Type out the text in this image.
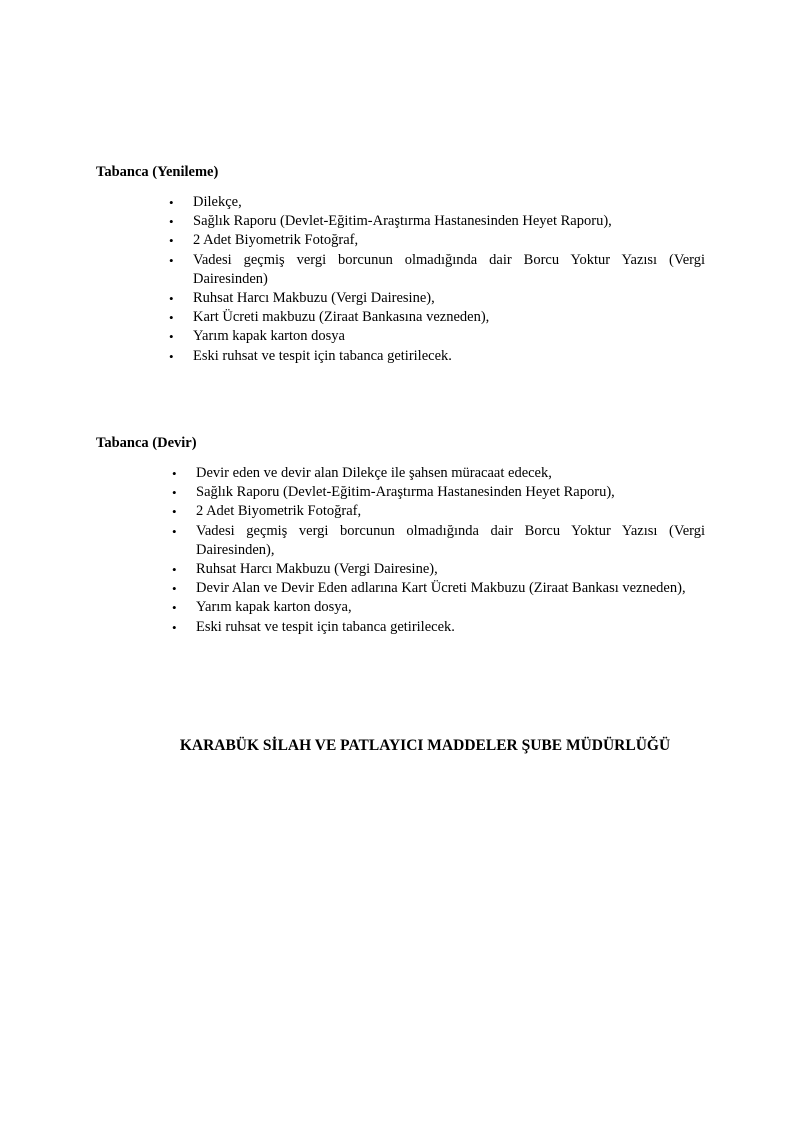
Tabanca (Yenileme)
• Dilekçe,
• Sağlık Raporu (Devlet-Eğitim-Araştırma Hastanesinden Heyet Raporu),
• 2 Adet Biyometrik Fotoğraf,
• Vadesi geçmiş vergi borcunun olmadığında dair Borcu Yoktur Yazısı (Vergi Dairesinden)
• Ruhsat Harcı Makbuzu (Vergi Dairesine),
• Kart Ücreti makbuzu (Ziraat Bankasına vezneden),
• Yarım kapak karton dosya
• Eski ruhsat ve tespit için tabanca getirilecek.
Tabanca (Devir)
• Devir eden ve devir alan Dilekçe ile şahsen müracaat edecek,
• Sağlık Raporu (Devlet-Eğitim-Araştırma Hastanesinden Heyet Raporu),
• 2 Adet Biyometrik Fotoğraf,
• Vadesi geçmiş vergi borcunun olmadığında dair Borcu Yoktur Yazısı (Vergi Dairesinden),
• Ruhsat Harcı Makbuzu (Vergi Dairesine),
• Devir Alan ve Devir Eden adlarına Kart Ücreti Makbuzu (Ziraat Bankası vezneden),
• Yarım kapak karton dosya,
• Eski ruhsat ve tespit için tabanca getirilecek.
KARABÜK SİLAH VE PATLAYICI MADDELER ŞUBE MÜDÜRLÜĞÜ
